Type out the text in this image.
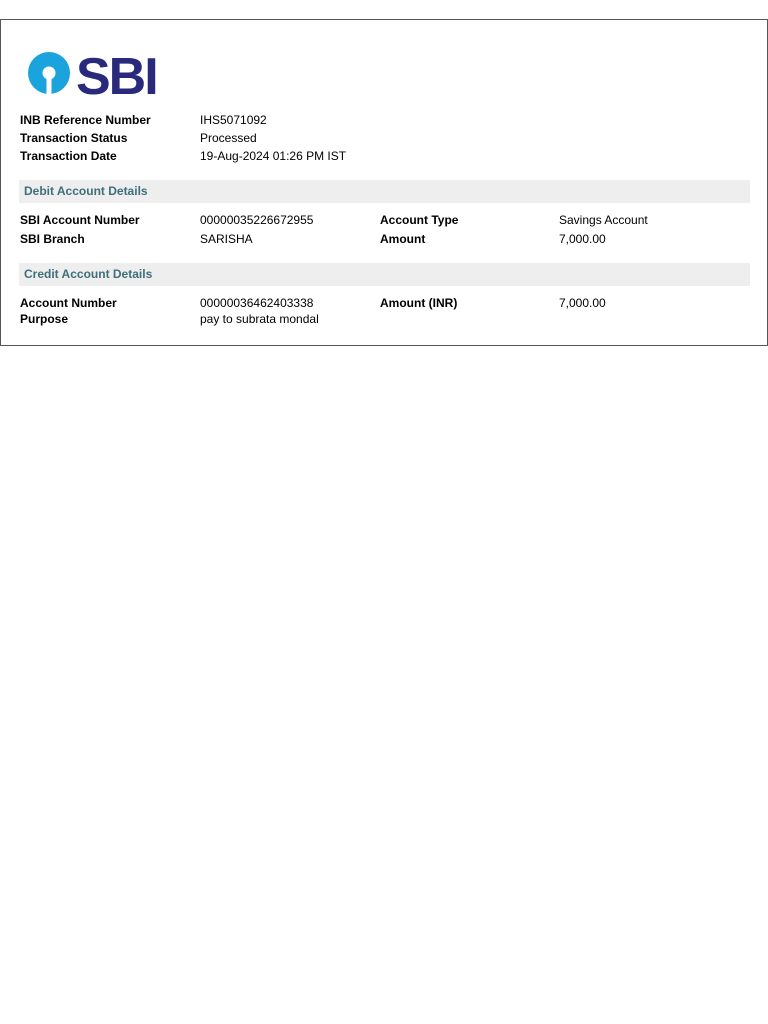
SBI
INB Reference Number	IHS5071092
Transaction Status	Processed
Transaction Date	19-Aug-2024 01:26 PM IST
Debit Account Details
SBI Account Number	00000035226672955	Account Type	Savings Account
SBI Branch	SARISHA	Amount	7,000.00
Credit Account Details
Account Number	00000036462403338	Amount (INR)	7,000.00
Purpose	pay to subrata mondal
